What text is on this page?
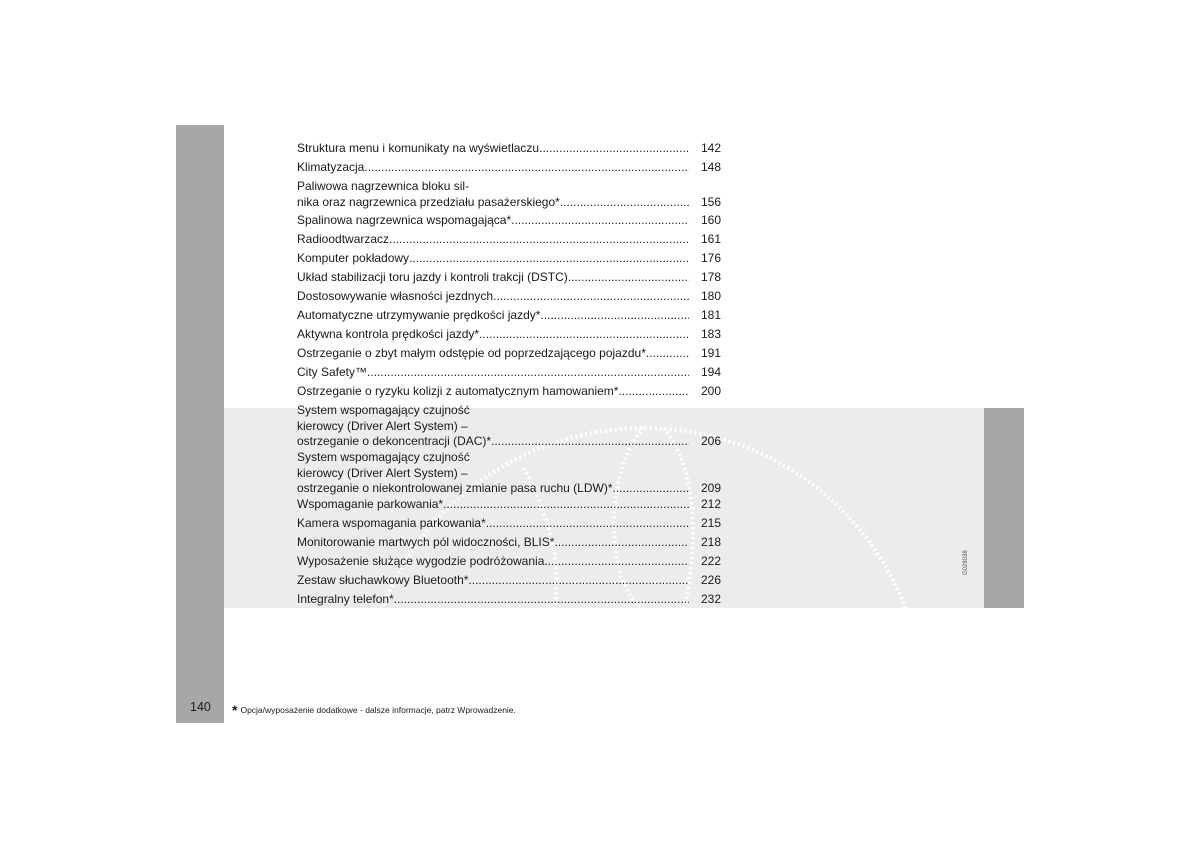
G028038
Struktura menu i komunikaty na wyświetlaczu .....	142
Klimatyzacja .....	148
Paliwowa nagrzewnica bloku sil-
nika oraz nagrzewnica przedziału pasażerskiego* .....	156
Spalinowa nagrzewnica wspomagająca* .....	160
Radioodtwarzacz .....	161
Komputer pokładowy .....	176
Układ stabilizacji toru jazdy i kontroli trakcji (DSTC) .....	178
Dostosowywanie własności jezdnych .....	180
Automatyczne utrzymywanie prędkości jazdy* .....	181
Aktywna kontrola prędkości jazdy* .....	183
Ostrzeganie o zbyt małym odstępie od poprzedzającego pojazdu* .....	191
City Safety™ .....	194
Ostrzeganie o ryzyku kolizji z automatycznym hamowaniem* .....	200
System wspomagający czujność
kierowcy (Driver Alert System) –
ostrzeganie o dekoncentracji (DAC)* .....	206
System wspomagający czujność
kierowcy (Driver Alert System) –
ostrzeganie o niekontrolowanej zmianie pasa ruchu (LDW)* .....	209
Wspomaganie parkowania* .....	212
Kamera wspomagania parkowania* .....	215
Monitorowanie martwych pól widoczności, BLIS* .....	218
Wyposażenie służące wygodzie podróżowania .....	222
Zestaw słuchawkowy Bluetooth* .....	226
Integralny telefon* .....	232
140 * Opcja/wyposażenie dodatkowe - dalsze informacje, patrz Wprowadzenie.
